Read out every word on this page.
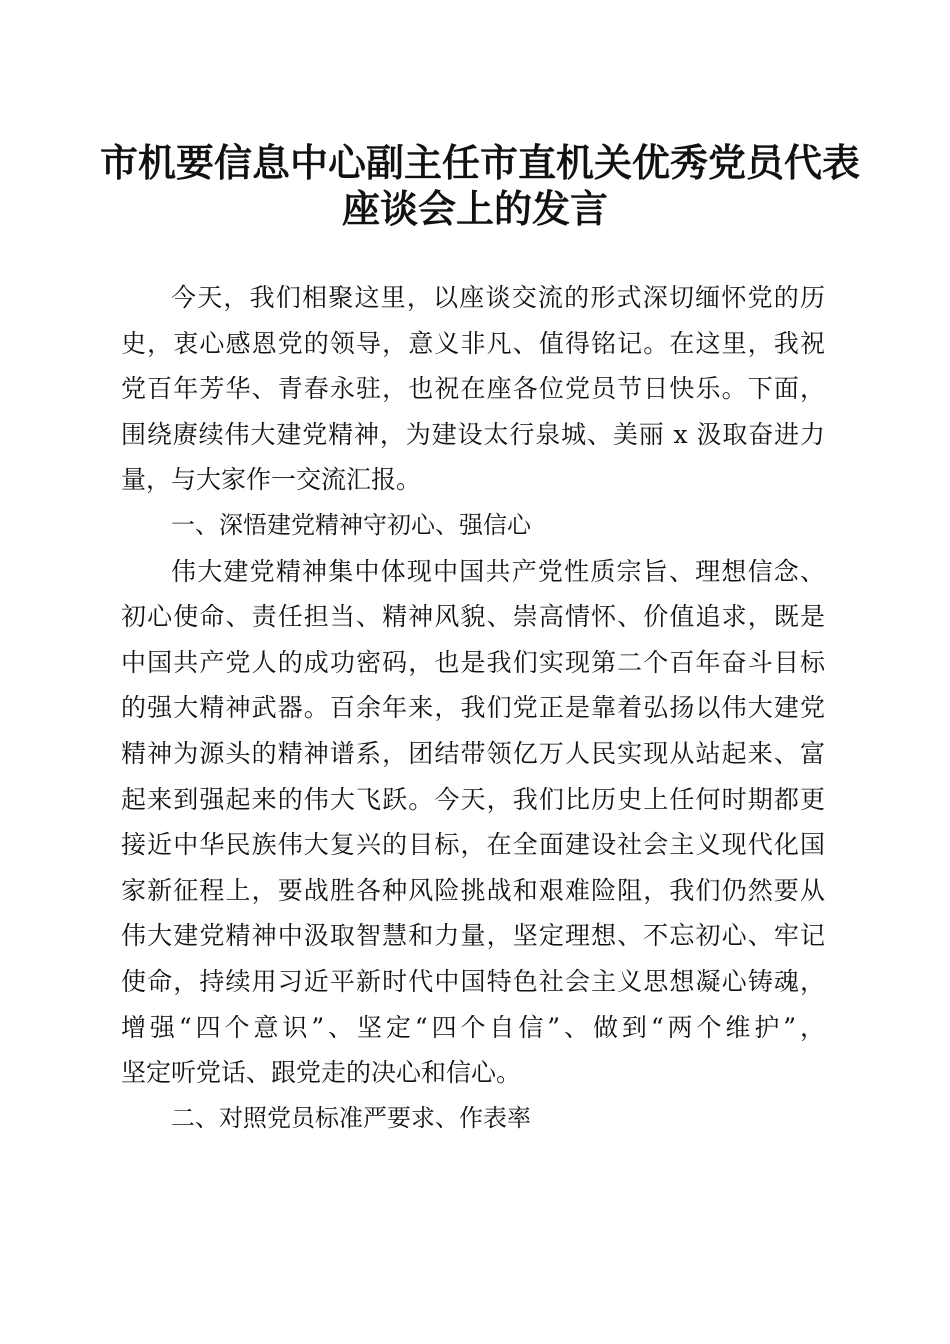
市机要信息中心副主任市直机关优秀党员代表
座谈会上的发言
今天，我们相聚这里，以座谈交流的形式深切缅怀党的历
史，衷心感恩党的领导，意义非凡、值得铭记。在这里，我祝
党百年芳华、青春永驻，也祝在座各位党员节日快乐。下面，
围绕赓续伟大建党精神，为建设太行泉城、美丽 x 汲取奋进力
量，与大家作一交流汇报。
一、深悟建党精神守初心、强信心
伟大建党精神集中体现中国共产党性质宗旨、理想信念、
初心使命、责任担当、精神风貌、崇高情怀、价值追求，既是
中国共产党人的成功密码，也是我们实现第二个百年奋斗目标
的强大精神武器。百余年来，我们党正是靠着弘扬以伟大建党
精神为源头的精神谱系，团结带领亿万人民实现从站起来、富
起来到强起来的伟大飞跃。今天，我们比历史上任何时期都更
接近中华民族伟大复兴的目标，在全面建设社会主义现代化国
家新征程上，要战胜各种风险挑战和艰难险阻，我们仍然要从
伟大建党精神中汲取智慧和力量，坚定理想、不忘初心、牢记
使命，持续用习近平新时代中国特色社会主义思想凝心铸魂，
增强“四个意识”、坚定“四个自信”、做到“两个维护”，
坚定听党话、跟党走的决心和信心。
二、对照党员标准严要求、作表率
